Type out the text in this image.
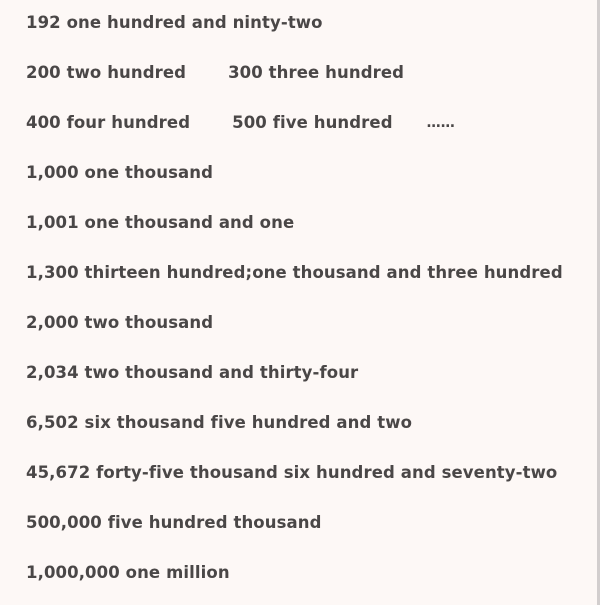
192 one hundred and ninty-two
200 two hundred	300 three hundred
400 four hundred	500 five hundred ……
1,000 one thousand
1,001 one thousand and one
1,300 thirteen hundred;one thousand and three hundred
2,000 two thousand
2,034 two thousand and thirty-four
6,502 six thousand five hundred and two
45,672 forty-five thousand six hundred and seventy-two
500,000 five hundred thousand
1,000,000 one million
